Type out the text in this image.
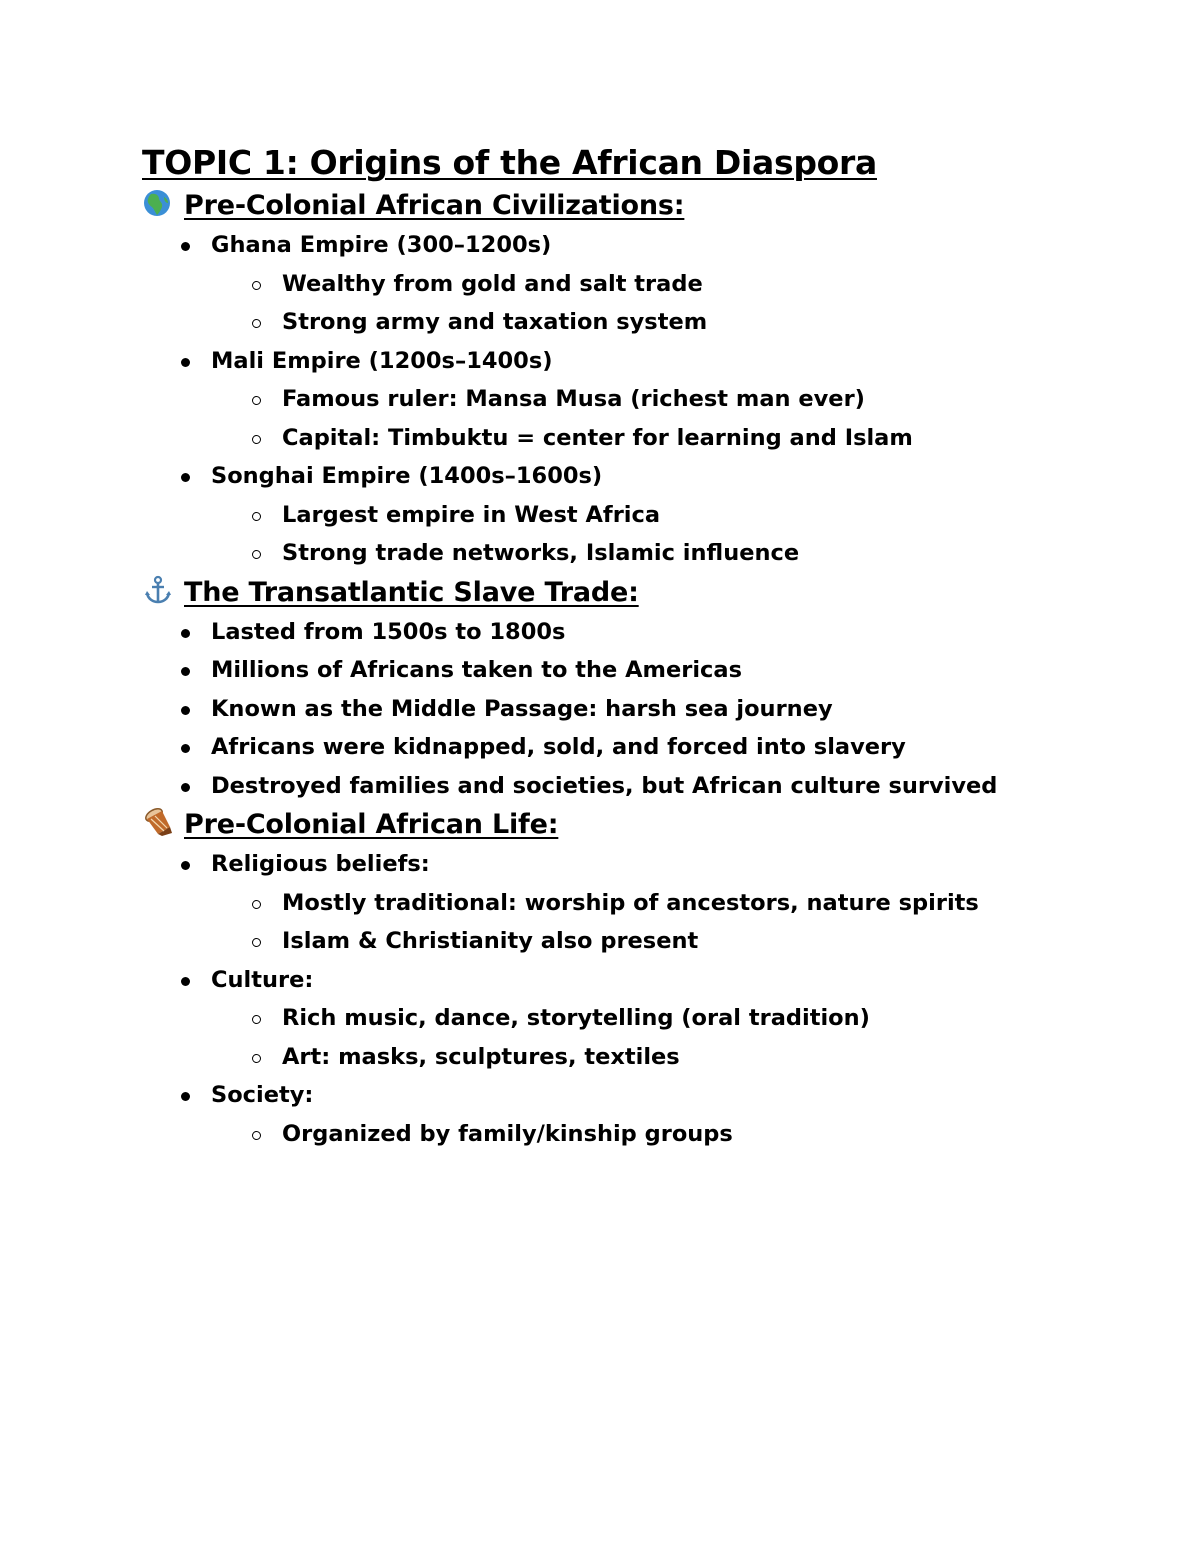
TOPIC 1: Origins of the African Diaspora
Pre-Colonial African Civilizations:
Ghana Empire (300–1200s)
Wealthy from gold and salt trade
Strong army and taxation system
Mali Empire (1200s–1400s)
Famous ruler: Mansa Musa (richest man ever)
Capital: Timbuktu = center for learning and Islam
Songhai Empire (1400s–1600s)
Largest empire in West Africa
Strong trade networks, Islamic influence
The Transatlantic Slave Trade:
Lasted from 1500s to 1800s
Millions of Africans taken to the Americas
Known as the Middle Passage: harsh sea journey
Africans were kidnapped, sold, and forced into slavery
Destroyed families and societies, but African culture survived
Pre-Colonial African Life:
Religious beliefs:
Mostly traditional: worship of ancestors, nature spirits
Islam & Christianity also present
Culture:
Rich music, dance, storytelling (oral tradition)
Art: masks, sculptures, textiles
Society:
Organized by family/kinship groups
